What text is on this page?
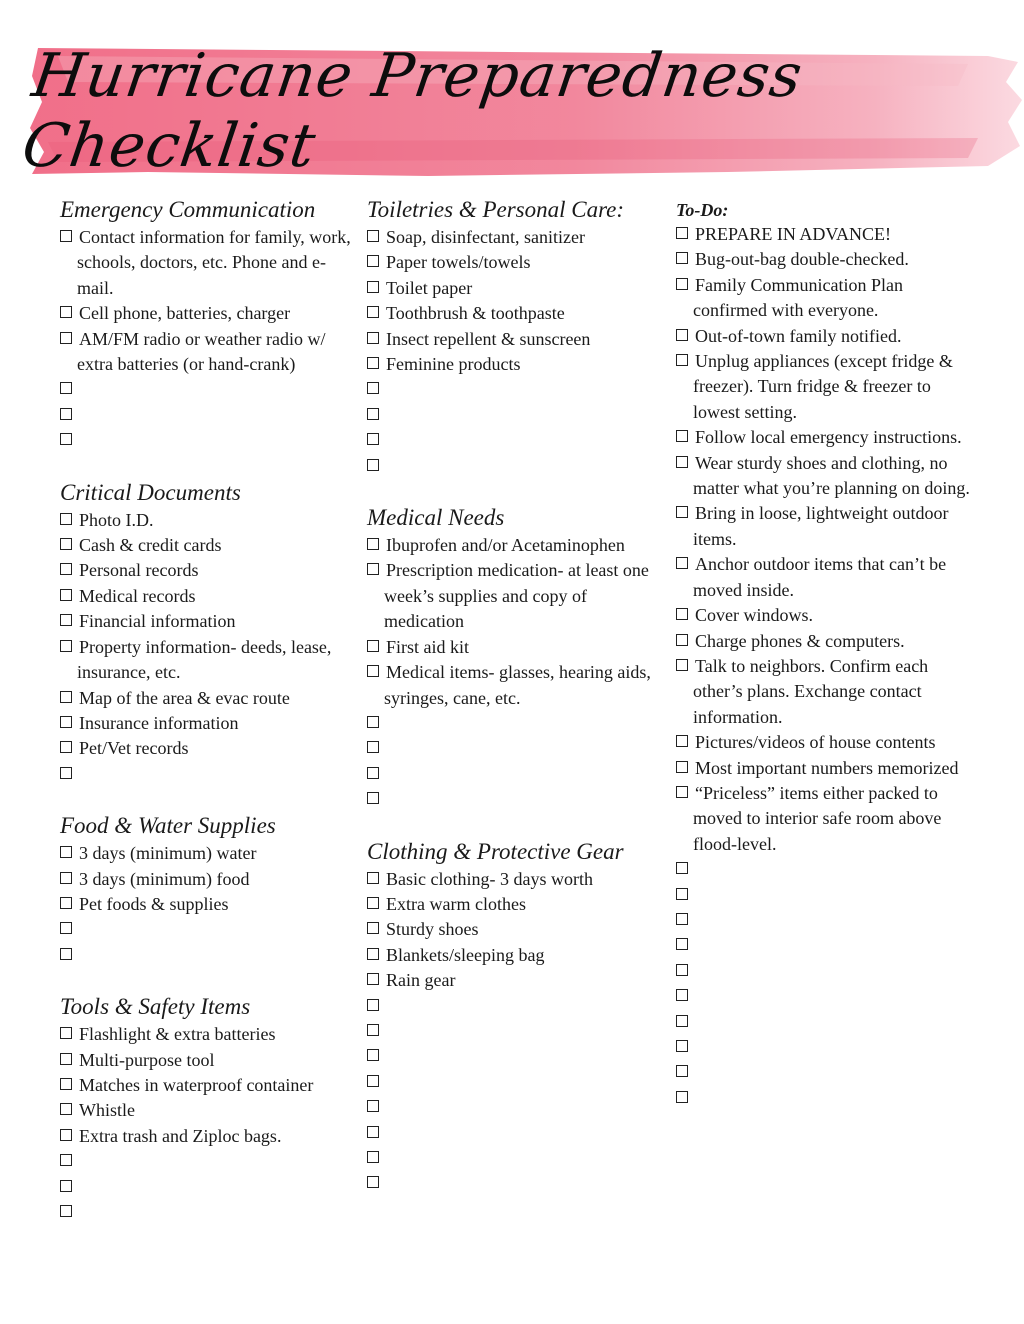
Hurricane Preparedness Checklist
Emergency Communication
Contact information for family, work, schools, doctors, etc. Phone and e-mail.
Cell phone, batteries, charger
AM/FM radio or weather radio w/ extra batteries (or hand-crank)
Critical Documents
Photo I.D.
Cash & credit cards
Personal records
Medical records
Financial information
Property information- deeds, lease, insurance, etc.
Map of the area & evac route
Insurance information
Pet/Vet records
Food & Water Supplies
3 days (minimum) water
3 days (minimum) food
Pet foods & supplies
Tools & Safety Items
Flashlight & extra batteries
Multi-purpose tool
Matches in waterproof container
Whistle
Extra trash and Ziploc bags.
Toiletries & Personal Care:
Soap, disinfectant, sanitizer
Paper towels/towels
Toilet paper
Toothbrush & toothpaste
Insect repellent & sunscreen
Feminine products
Medical Needs
Ibuprofen and/or Acetaminophen
Prescription medication- at least one week’s supplies and copy of medication
First aid kit
Medical items- glasses, hearing aids, syringes, cane, etc.
Clothing & Protective Gear
Basic clothing- 3 days worth
Extra warm clothes
Sturdy shoes
Blankets/sleeping bag
Rain gear
To-Do:
PREPARE IN ADVANCE!
Bug-out-bag double-checked.
Family Communication Plan confirmed with everyone.
Out-of-town family notified.
Unplug appliances (except fridge & freezer). Turn fridge & freezer to lowest setting.
Follow local emergency instructions.
Wear sturdy shoes and clothing, no matter what you’re planning on doing.
Bring in loose, lightweight outdoor items.
Anchor outdoor items that can’t be moved inside.
Cover windows.
Charge phones & computers.
Talk to neighbors. Confirm each other’s plans. Exchange contact information.
Pictures/videos of house contents
Most important numbers memorized
“Priceless” items either packed to moved to interior safe room above flood-level.
